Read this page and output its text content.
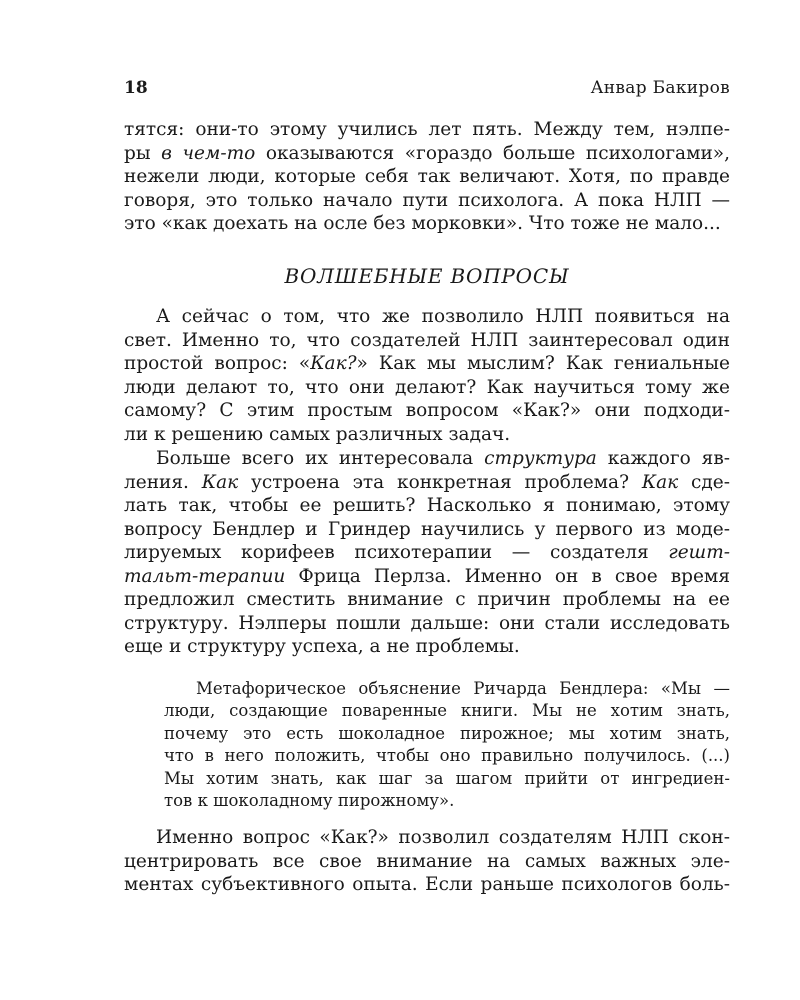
18	Анвар Бакиров
тятся: они-то этому учились лет пять. Между тем, нэлпе-
ры в чем-то оказываются «гораздо больше психологами»,
нежели люди, которые себя так величают. Хотя, по правде
говоря, это только начало пути психолога. А пока НЛП —
это «как доехать на осле без морковки». Что тоже не мало...
ВОЛШЕБНЫЕ ВОПРОСЫ
А сейчас о том, что же позволило НЛП появиться на
свет. Именно то, что создателей НЛП заинтересовал один
простой вопрос: «Как?» Как мы мыслим? Как гениальные
люди делают то, что они делают? Как научиться тому же
самому? С этим простым вопросом «Как?» они подходи-
ли к решению самых различных задач.
Больше всего их интересовала структура каждого яв-
ления. Как устроена эта конкретная проблема? Как сде-
лать так, чтобы ее решить? Насколько я понимаю, этому
вопросу Бендлер и Гриндер научились у первого из моде-
лируемых корифеев психотерапии — создателя гешт-
тальт-терапии Фрица Перлза. Именно он в свое время
предложил сместить внимание с причин проблемы на ее
структуру. Нэлперы пошли дальше: они стали исследовать
еще и структуру успеха, а не проблемы.
Метафорическое объяснение Ричарда Бендлера: «Мы —
люди, создающие поваренные книги. Мы не хотим знать,
почему это есть шоколадное пирожное; мы хотим знать,
что в него положить, чтобы оно правильно получилось. (...)
Мы хотим знать, как шаг за шагом прийти от ингредиен-
тов к шоколадному пирожному».
Именно вопрос «Как?» позволил создателям НЛП скон-
центрировать все свое внимание на самых важных эле-
ментах субъективного опыта. Если раньше психологов боль-
